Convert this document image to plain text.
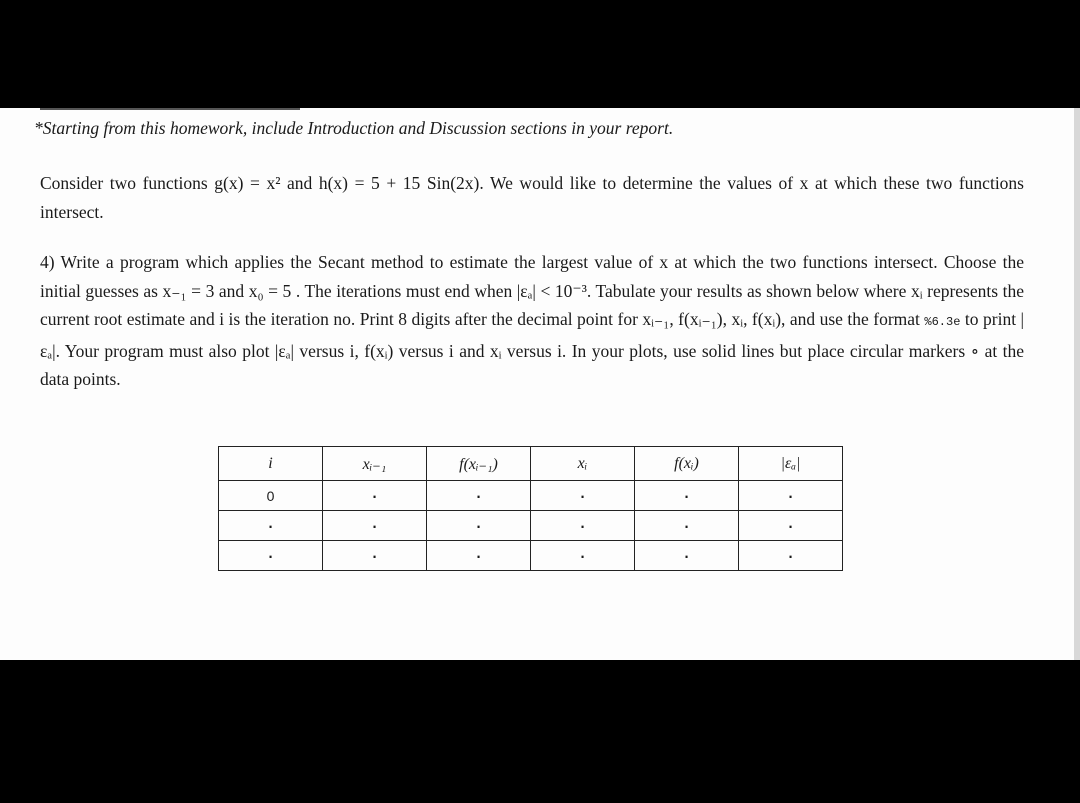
*Starting from this homework, include Introduction and Discussion sections in your report.
Consider two functions g(x) = x² and h(x) = 5 + 15 Sin(2x). We would like to determine the values of x at which these two functions intersect.
4) Write a program which applies the Secant method to estimate the largest value of x at which the two functions intersect. Choose the initial guesses as x₋₁ = 3 and x₀ = 5 . The iterations must end when |εₐ| < 10⁻³. Tabulate your results as shown below where xᵢ represents the current root estimate and i is the iteration no. Print 8 digits after the decimal point for xᵢ₋₁, f(xᵢ₋₁), xᵢ, f(xᵢ), and use the format %6.3e to print |εₐ|. Your program must also plot |εₐ| versus i, f(xᵢ) versus i and xᵢ versus i. In your plots, use solid lines but place circular markers ∘ at the data points.
i	xᵢ₋₁	f(xᵢ₋₁)	xᵢ	f(xᵢ)	|εₐ|
0	·	·	·	·	·
·	·	·	·	·	·
·	·	·	·	·	·
